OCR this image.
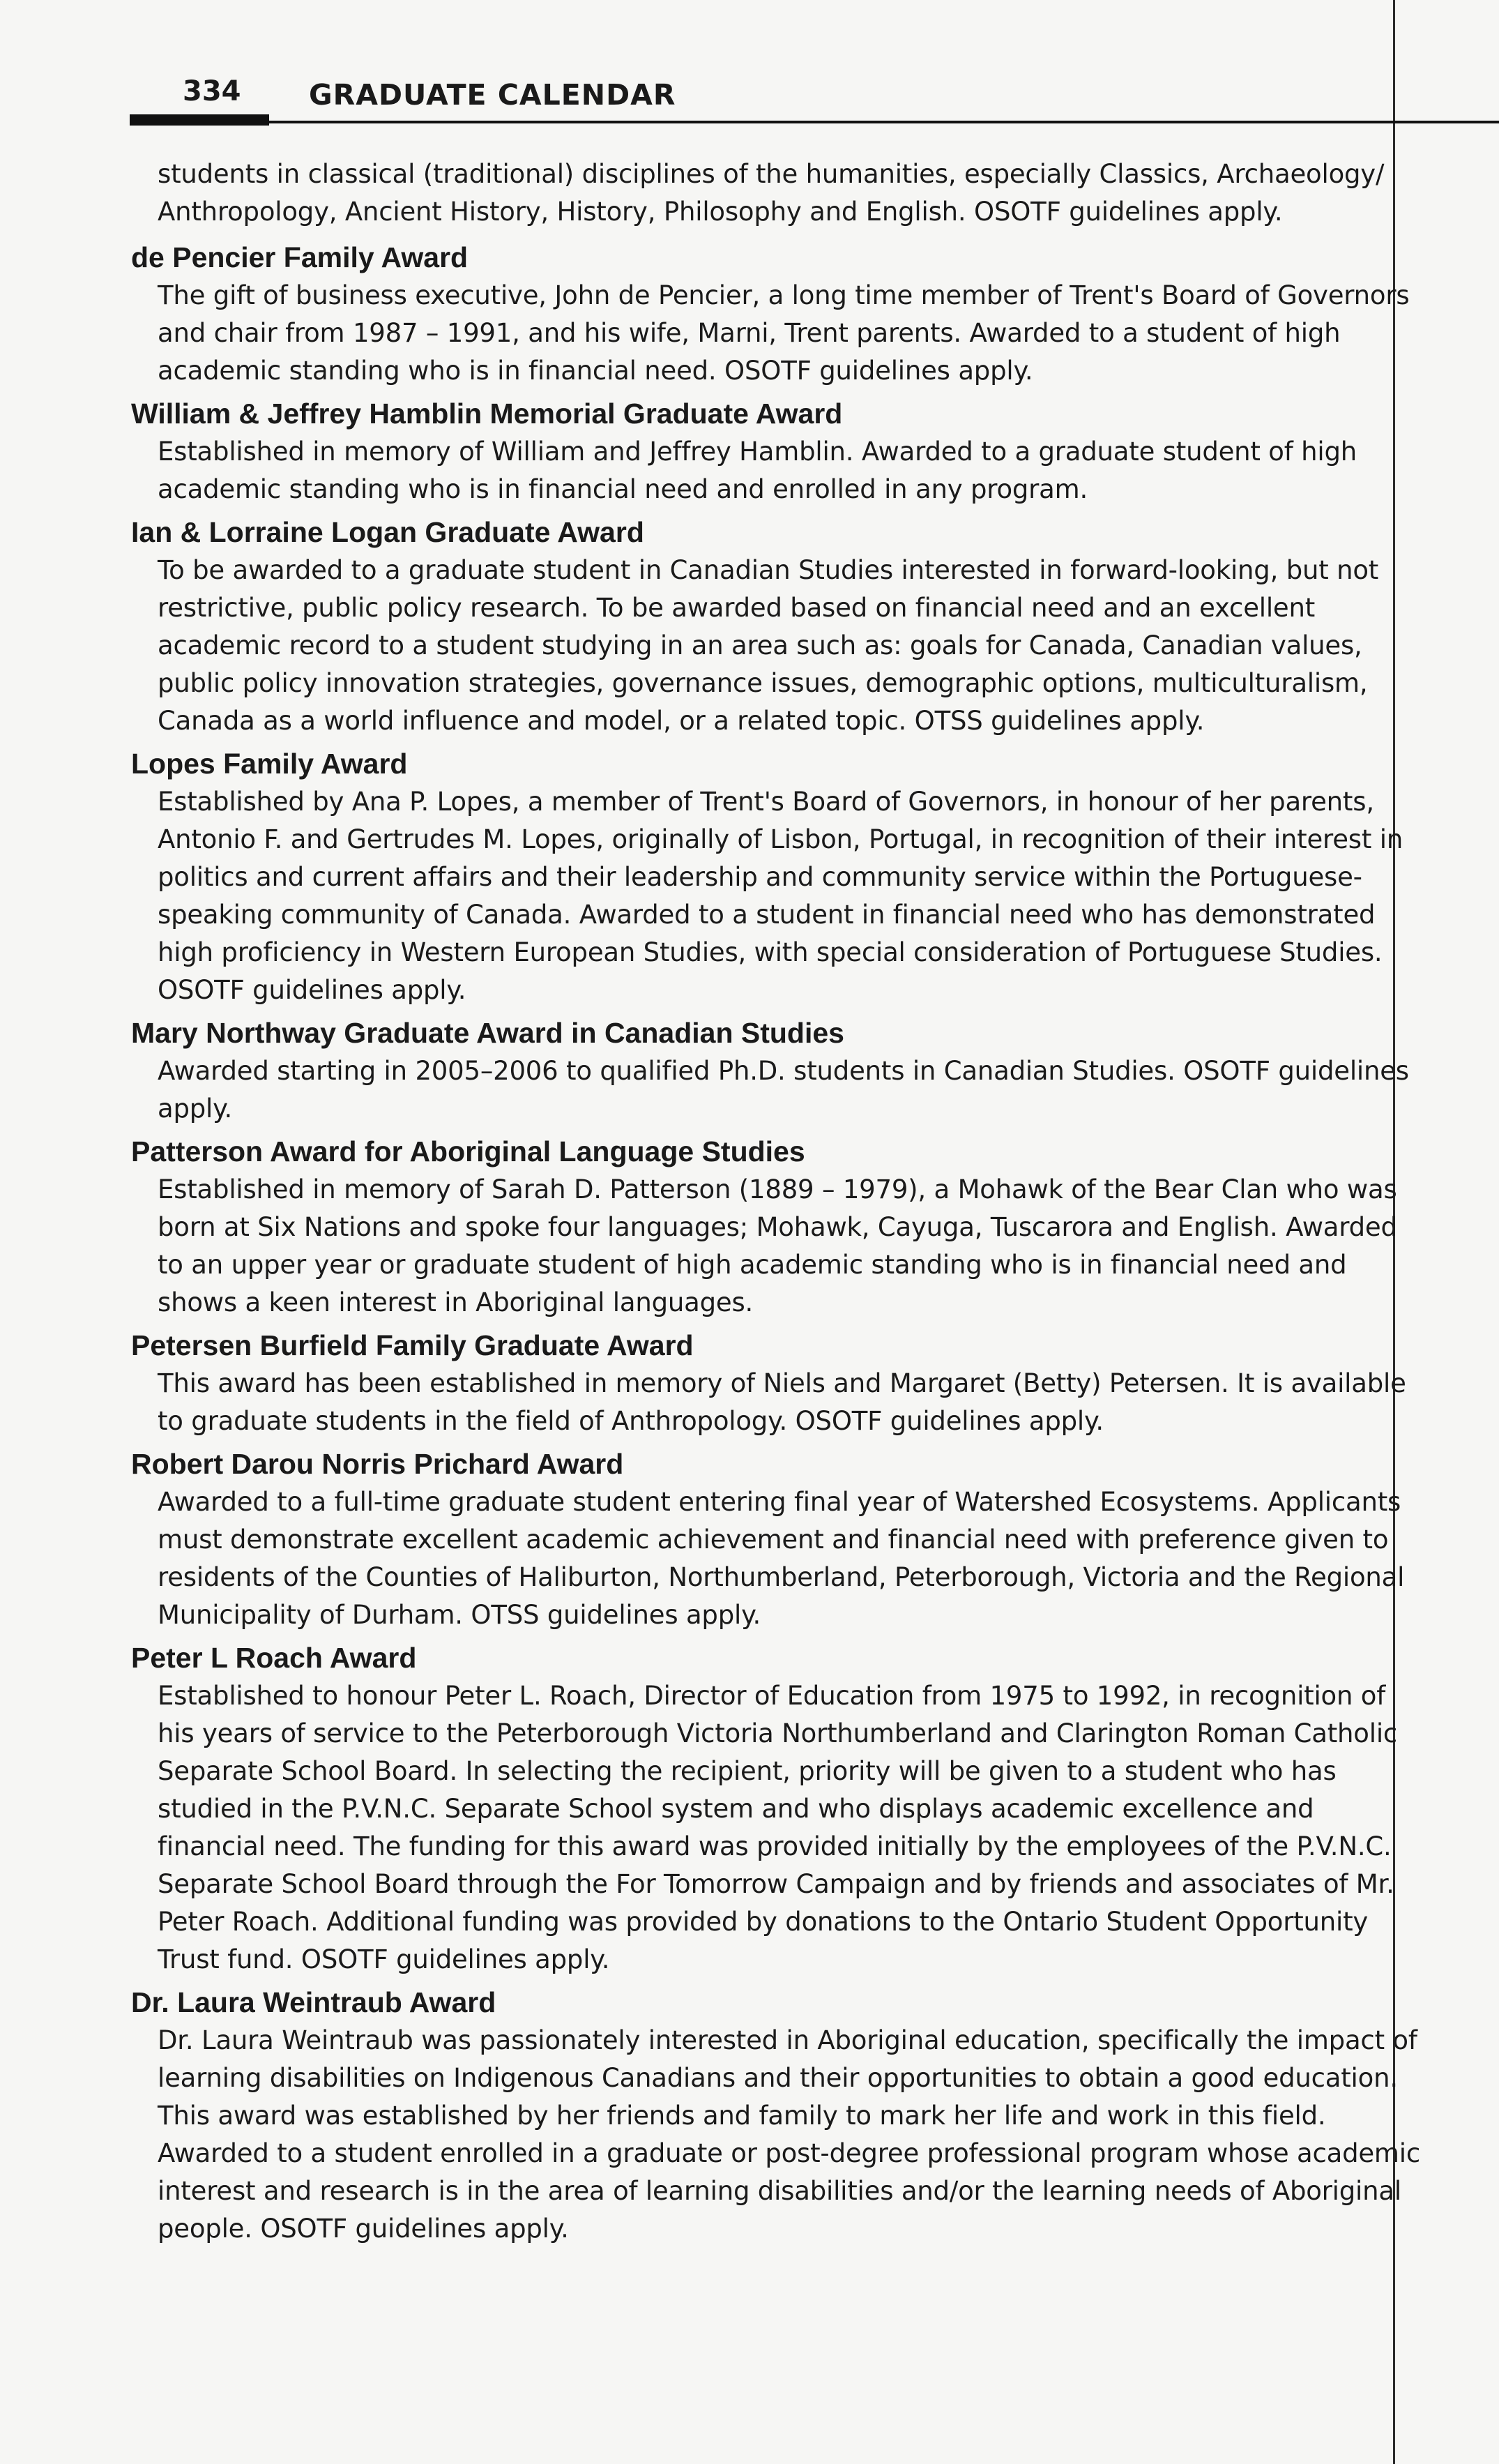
334 GRADUATE CALENDAR

students in classical (traditional) disciplines of the humanities, especially Classics, Archaeology/ Anthropology, Ancient History, History, Philosophy and English. OSOTF guidelines apply.

de Pencier Family Award

The gift of business executive, John de Pencier, a long time member of Trent's Board of Governors and chair from 1987 – 1991, and his wife, Marni, Trent parents. Awarded to a student of high academic standing who is in financial need. OSOTF guidelines apply.

William & Jeffrey Hamblin Memorial Graduate Award

Established in memory of William and Jeffrey Hamblin. Awarded to a graduate student of high academic standing who is in financial need and enrolled in any program.

Ian & Lorraine Logan Graduate Award

To be awarded to a graduate student in Canadian Studies interested in forward-looking, but not restrictive, public policy research. To be awarded based on financial need and an excellent academic record to a student studying in an area such as: goals for Canada, Canadian values, public policy innovation strategies, governance issues, demographic options, multiculturalism, Canada as a world influence and model, or a related topic. OTSS guidelines apply.

Lopes Family Award

Established by Ana P. Lopes, a member of Trent's Board of Governors, in honour of her parents, Antonio F. and Gertrudes M. Lopes, originally of Lisbon, Portugal, in recognition of their interest in politics and current affairs and their leadership and community service within the Portuguese-speaking community of Canada. Awarded to a student in financial need who has demonstrated high proficiency in Western European Studies, with special consideration of Portuguese Studies. OSOTF guidelines apply.

Mary Northway Graduate Award in Canadian Studies

Awarded starting in 2005–2006 to qualified Ph.D. students in Canadian Studies. OSOTF guidelines apply.

Patterson Award for Aboriginal Language Studies

Established in memory of Sarah D. Patterson (1889 – 1979), a Mohawk of the Bear Clan who was born at Six Nations and spoke four languages; Mohawk, Cayuga, Tuscarora and English. Awarded to an upper year or graduate student of high academic standing who is in financial need and shows a keen interest in Aboriginal languages.

Petersen Burfield Family Graduate Award

This award has been established in memory of Niels and Margaret (Betty) Petersen. It is available to graduate students in the field of Anthropology. OSOTF guidelines apply.

Robert Darou Norris Prichard Award

Awarded to a full-time graduate student entering final year of Watershed Ecosystems. Applicants must demonstrate excellent academic achievement and financial need with preference given to residents of the Counties of Haliburton, Northumberland, Peterborough, Victoria and the Regional Municipality of Durham. OTSS guidelines apply.

Peter L Roach Award

Established to honour Peter L. Roach, Director of Education from 1975 to 1992, in recognition of his years of service to the Peterborough Victoria Northumberland and Clarington Roman Catholic Separate School Board. In selecting the recipient, priority will be given to a student who has studied in the P.V.N.C. Separate School system and who displays academic excellence and financial need. The funding for this award was provided initially by the employees of the P.V.N.C. Separate School Board through the For Tomorrow Campaign and by friends and associates of Mr. Peter Roach. Additional funding was provided by donations to the Ontario Student Opportunity Trust fund. OSOTF guidelines apply.

Dr. Laura Weintraub Award

Dr. Laura Weintraub was passionately interested in Aboriginal education, specifically the impact of learning disabilities on Indigenous Canadians and their opportunities to obtain a good education. This award was established by her friends and family to mark her life and work in this field. Awarded to a student enrolled in a graduate or post-degree professional program whose academic interest and research is in the area of learning disabilities and/or the learning needs of Aboriginal people. OSOTF guidelines apply.
